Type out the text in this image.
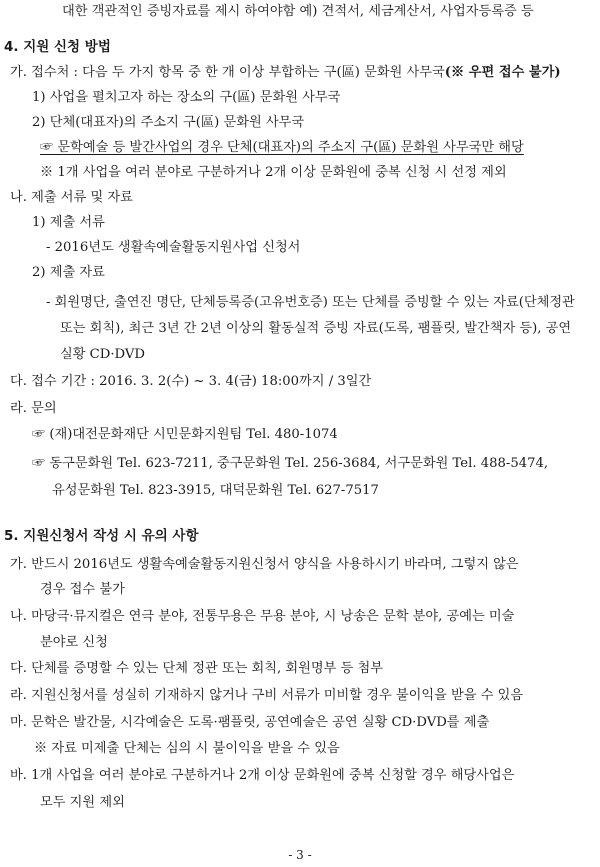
대한 객관적인 증빙자료를 제시 하여야함 예) 견적서, 세금계산서, 사업자등록증 등
4. 지원 신청 방법
가. 접수처 : 다음 두 가지 항목 중 한 개 이상 부합하는 구(區) 문화원 사무국(※ 우편 접수 불가)
1) 사업을 펼치고자 하는 장소의 구(區) 문화원 사무국
2) 단체(대표자)의 주소지 구(區) 문화원 사무국
☞ 문학예술 등 발간사업의 경우 단체(대표자)의 주소지 구(區) 문화원 사무국만 해당
※ 1개 사업을 여러 분야로 구분하거나 2개 이상 문화원에 중복 신청 시 선정 제외
나. 제출 서류 및 자료
1) 제출 서류
- 2016년도 생활속예술활동지원사업 신청서
2) 제출 자료
- 회원명단, 출연진 명단, 단체등록증(고유번호증) 또는 단체를 증빙할 수 있는 자료(단체정관
또는 회칙), 최근 3년 간 2년 이상의 활동실적 증빙 자료(도록, 팸플릿, 발간책자 등), 공연
실황 CD·DVD
다. 접수 기간 : 2016. 3. 2(수) ~ 3. 4(금) 18:00까지 / 3일간
라. 문의
☞ (재)대전문화재단 시민문화지원팀 Tel. 480-1074
☞ 동구문화원 Tel. 623-7211, 중구문화원 Tel. 256-3684, 서구문화원 Tel. 488-5474,
유성문화원 Tel. 823-3915, 대덕문화원 Tel. 627-7517
5. 지원신청서 작성 시 유의 사항
가. 반드시 2016년도 생활속예술활동지원신청서 양식을 사용하시기 바라며, 그렇지 않은
경우 접수 불가
나. 마당극·뮤지컬은 연극 분야, 전통무용은 무용 분야, 시 낭송은 문학 분야, 공예는 미술
분야로 신청
다. 단체를 증명할 수 있는 단체 정관 또는 회칙, 회원명부 등 첨부
라. 지원신청서를 성실히 기재하지 않거나 구비 서류가 미비할 경우 불이익을 받을 수 있음
마. 문학은 발간물, 시각예술은 도록·팸플릿, 공연예술은 공연 실황 CD·DVD를 제출
※ 자료 미제출 단체는 심의 시 불이익을 받을 수 있음
바. 1개 사업을 여러 분야로 구분하거나 2개 이상 문화원에 중복 신청할 경우 해당사업은
모두 지원 제외
- 3 -
